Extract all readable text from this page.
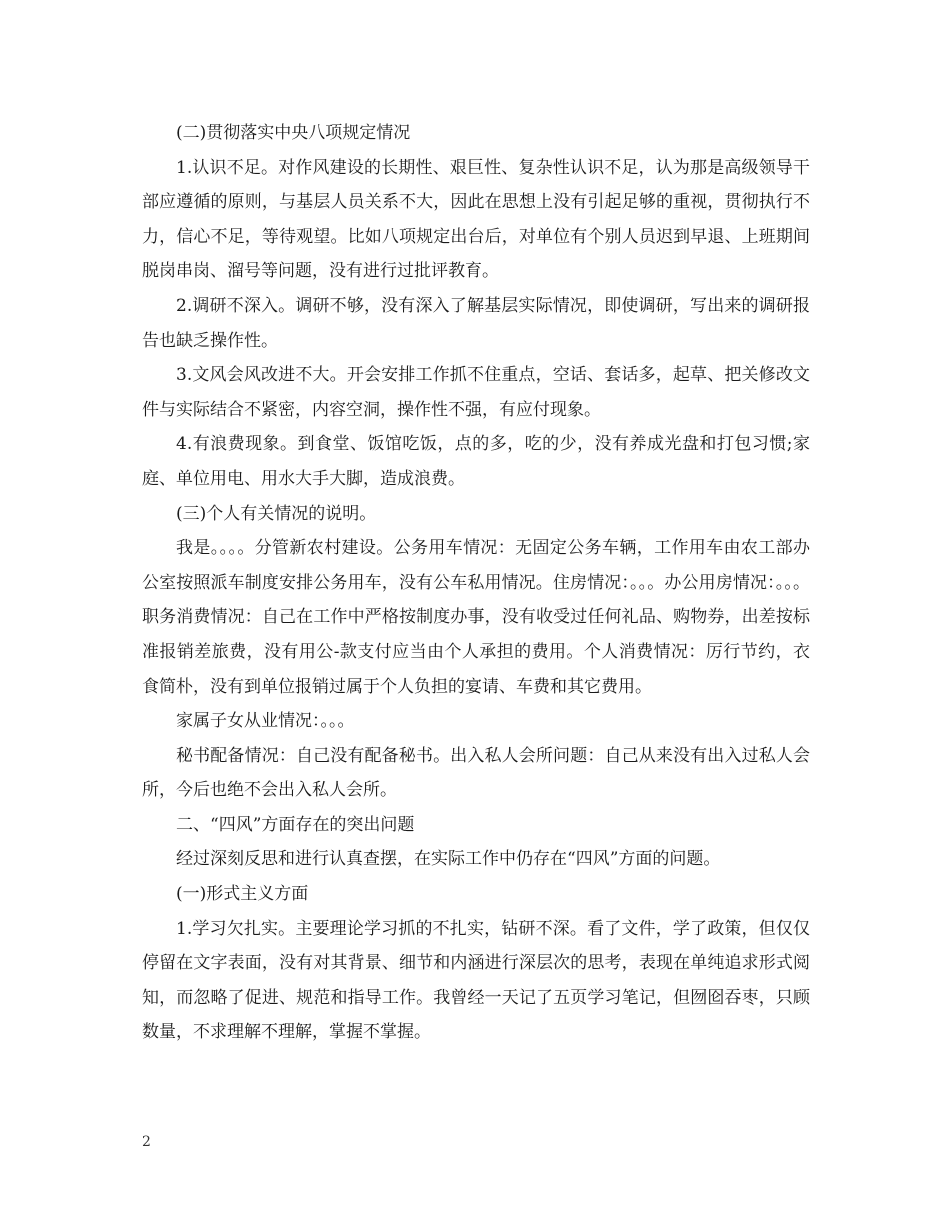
(二)贯彻落实中央八项规定情况

1.认识不足。对作风建设的长期性、艰巨性、复杂性认识不足，认为那是高级领导干部应遵循的原则，与基层人员关系不大，因此在思想上没有引起足够的重视，贯彻执行不力，信心不足，等待观望。比如八项规定出台后，对单位有个别人员迟到早退、上班期间脱岗串岗、溜号等问题，没有进行过批评教育。

2.调研不深入。调研不够，没有深入了解基层实际情况，即使调研，写出来的调研报告也缺乏操作性。

3.文风会风改进不大。开会安排工作抓不住重点，空话、套话多，起草、把关修改文件与实际结合不紧密，内容空洞，操作性不强，有应付现象。

4.有浪费现象。到食堂、饭馆吃饭，点的多，吃的少，没有养成光盘和打包习惯;家庭、单位用电、用水大手大脚，造成浪费。

(三)个人有关情况的说明。

我是。。。。分管新农村建设。公务用车情况：无固定公务车辆，工作用车由农工部办公室按照派车制度安排公务用车，没有公车私用情况。住房情况：。。。办公用房情况：。。。职务消费情况：自己在工作中严格按制度办事，没有收受过任何礼品、购物券，出差按标准报销差旅费，没有用公-款支付应当由个人承担的费用。个人消费情况：厉行节约，衣食简朴，没有到单位报销过属于个人负担的宴请、车费和其它费用。

家属子女从业情况：。。。

秘书配备情况：自己没有配备秘书。出入私人会所问题：自己从来没有出入过私人会所，今后也绝不会出入私人会所。

二、“四风”方面存在的突出问题

经过深刻反思和进行认真查摆，在实际工作中仍存在“四风”方面的问题。

(一)形式主义方面

1.学习欠扎实。主要理论学习抓的不扎实，钻研不深。看了文件，学了政策，但仅仅停留在文字表面，没有对其背景、细节和内涵进行深层次的思考，表现在单纯追求形式阅知，而忽略了促进、规范和指导工作。我曾经一天记了五页学习笔记，但囫囵吞枣，只顾数量，不求理解不理解，掌握不掌握。

2
